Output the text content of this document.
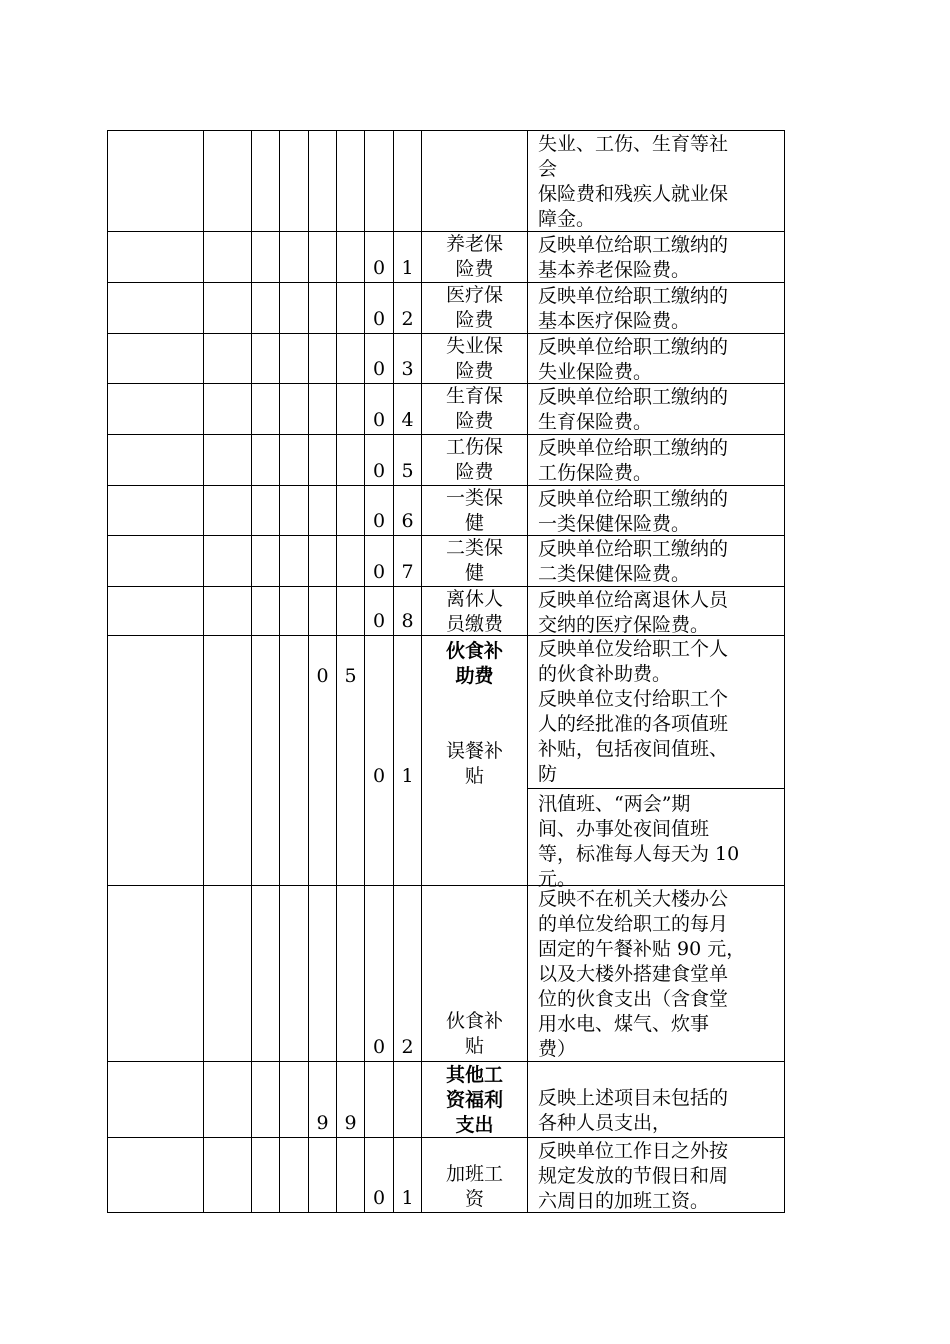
失业、工伤、生育等社
会
保险费和残疾人就业保
障金。
0 1
养老保
险费
反映单位给职工缴纳的
基本养老保险费。
0 2
医疗保
险费
反映单位给职工缴纳的
基本医疗保险费。
0 3
失业保
险费
反映单位给职工缴纳的
失业保险费。
0 4
生育保
险费
反映单位给职工缴纳的
生育保险费。
0 5
工伤保
险费
反映单位给职工缴纳的
工伤保险费。
0 6
一类保
健
反映单位给职工缴纳的
一类保健保险费。
0 7
二类保
健
反映单位给职工缴纳的
二类保健保险费。
0 8
离休人
员缴费
反映单位给离退休人员
交纳的医疗保险费。
0 5
0 1
伙食补
助费
误餐补
贴
反映单位发给职工个人
的伙食补助费。
反映单位支付给职工个
人的经批准的各项值班
补贴，包括夜间值班、
防
汛值班、“两会”期
间、办事处夜间值班
等，标准每人每天为 10
元。
0 2
伙食补
贴
反映不在机关大楼办公
的单位发给职工的每月
固定的午餐补贴 90 元，
以及大楼外搭建食堂单
位的伙食支出（含食堂
用水电、煤气、炊事
费）
9 9
其他工
资福利
支出
反映上述项目未包括的
各种人员支出，
0 1
加班工
资
反映单位工作日之外按
规定发放的节假日和周
六周日的加班工资。
